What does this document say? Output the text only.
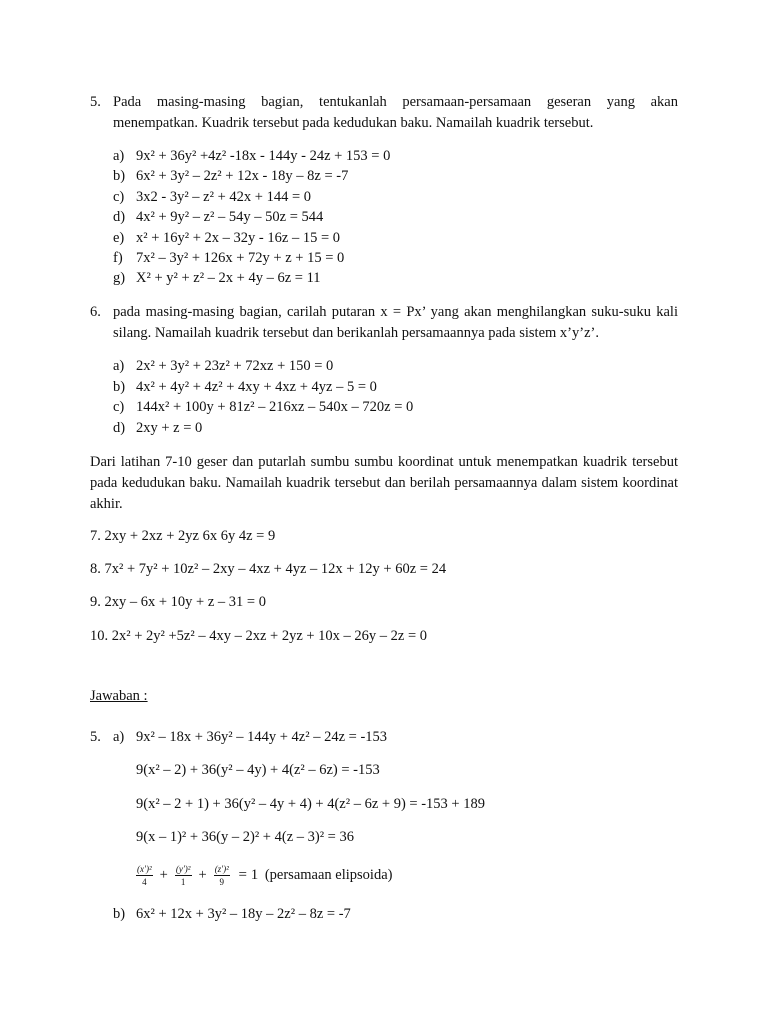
5. Pada masing-masing bagian, tentukanlah persamaan-persamaan geseran yang akan menempatkan. Kuadrik tersebut pada kedudukan baku. Namailah kuadrik tersebut.
a) 9x² + 36y² +4z² -18x - 144y - 24z + 153 = 0
b) 6x² + 3y² – 2z² + 12x - 18y – 8z = -7
c) 3x2 - 3y² – z² + 42x + 144 = 0
d) 4x² + 9y² – z² – 54y – 50z = 544
e) x² + 16y² + 2x – 32y - 16z – 15 = 0
f) 7x² – 3y² + 126x + 72y + z + 15 = 0
g) X² + y² + z² – 2x + 4y – 6z = 11
6. pada masing-masing bagian, carilah putaran x = Px’ yang akan menghilangkan suku-suku kali silang. Namailah kuadrik tersebut dan berikanlah persamaannya pada sistem x’y’z’.
a) 2x² + 3y² + 23z² + 72xz + 150 = 0
b) 4x² + 4y² + 4z² + 4xy + 4xz + 4yz – 5 = 0
c) 144x² + 100y + 81z² – 216xz – 540x – 720z = 0
d) 2xy + z = 0
Dari latihan 7-10 geser dan putarlah sumbu sumbu koordinat untuk menempatkan kuadrik tersebut pada kedudukan baku. Namailah kuadrik tersebut dan berilah persamaannya dalam sistem koordinat akhir.
7. 2xy + 2xz + 2yz 6x 6y 4z = 9
8. 7x² + 7y² + 10z² – 2xy – 4xz + 4yz – 12x + 12y + 60z = 24
9. 2xy – 6x + 10y + z – 31 = 0
10. 2x² + 2y² +5z² – 4xy – 2xz + 2yz + 10x – 26y – 2z = 0
Jawaban :
5. a) 9x² – 18x + 36y² – 144y + 4z² – 24z = -153
9(x² – 2) + 36(y² – 4y) + 4(z² – 6z) = -153
9(x² – 2 + 1) + 36(y² – 4y + 4) + 4(z² – 6z + 9) = -153 + 189
9(x – 1)² + 36(y – 2)² + 4(z – 3)² = 36
$\frac{\text{(x′)²}}{4} + \frac{\text{(y′)²}}{1} + \frac{\text{(z′)²}}{9} = 1$ (persamaan elipsoida)
b) 6x² + 12x + 3y² – 18y – 2z² – 8z = -7
